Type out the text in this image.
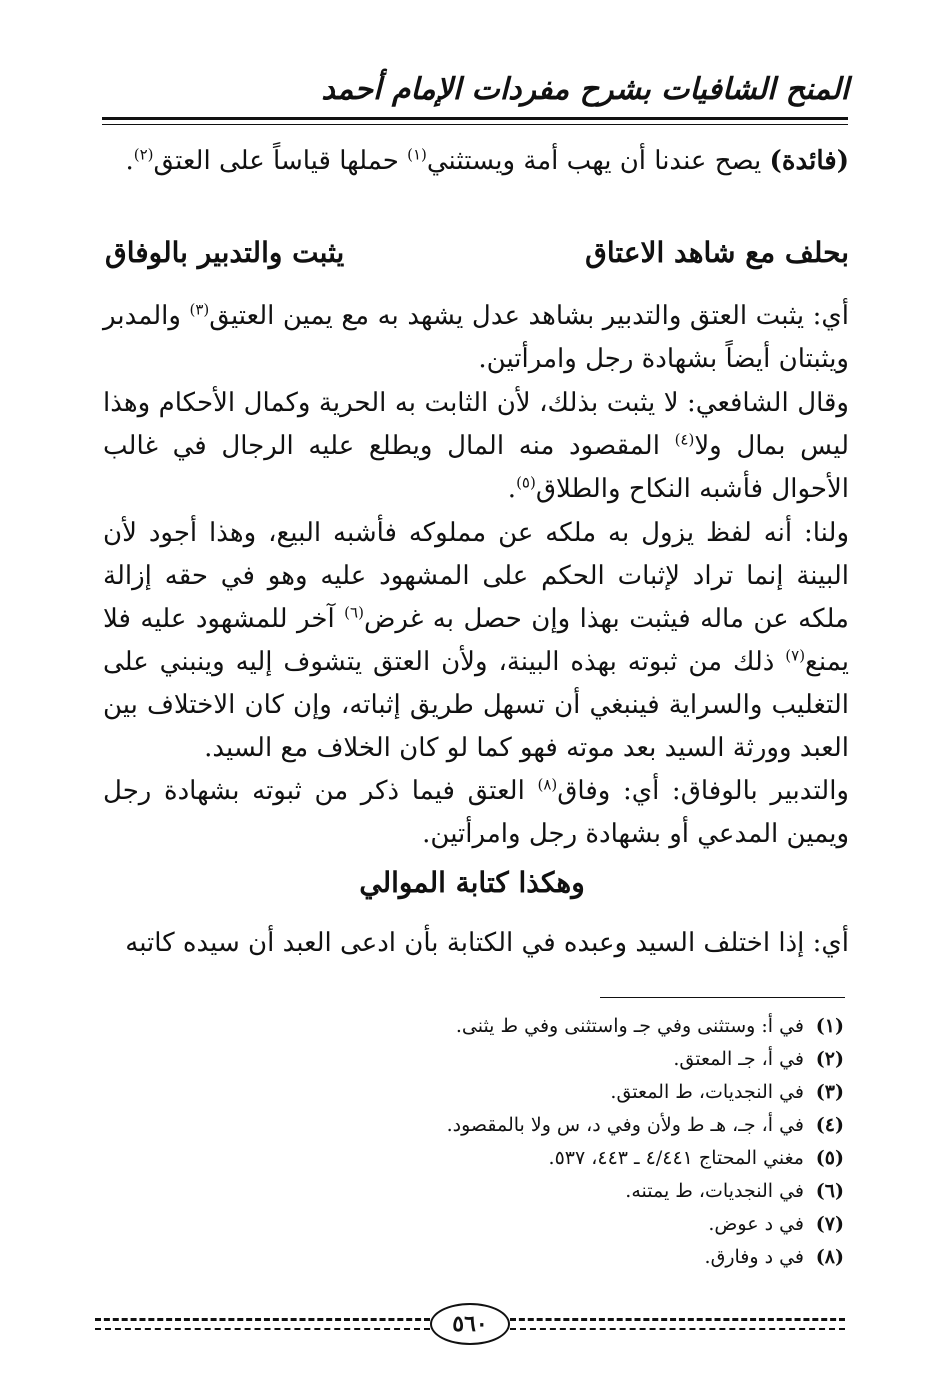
المنح الشافيات بشرح مفردات الإمام أحمد
(فائدة) يصح عندنا أن يهب أمة ويستثني$^{(١)}$ حملها قياساً على العتق$^{(٢)}$.
بحلف مع شاهد الاعتاق
يثبت والتدبير بالوفاق
أي: يثبت العتق والتدبير بشاهد عدل يشهد به مع يمين العتيق$^{(٣)}$ والمدبر ويثبتان أيضاً بشهادة رجل وامرأتين.
وقال الشافعي: لا يثبت بذلك، لأن الثابت به الحرية وكمال الأحكام وهذا ليس بمال ولا$^{(٤)}$ المقصود منه المال ويطلع عليه الرجال في غالب الأحوال فأشبه النكاح والطلاق$^{(٥)}$.
ولنا: أنه لفظ يزول به ملكه عن مملوكه فأشبه البيع، وهذا أجود لأن البينة إنما تراد لإثبات الحكم على المشهود عليه وهو في حقه إزالة ملكه عن ماله فيثبت بهذا وإن حصل به غرض$^{(٦)}$ آخر للمشهود عليه فلا يمنع$^{(٧)}$ ذلك من ثبوته بهذه البينة، ولأن العتق يتشوف إليه وينبني على التغليب والسراية فينبغي أن تسهل طريق إثباته، وإن كان الاختلاف بين العبد وورثة السيد بعد موته فهو كما لو كان الخلاف مع السيد.
والتدبير بالوفاق: أي: وفاق$^{(٨)}$ العتق فيما ذكر من ثبوته بشهادة رجل ويمين المدعي أو بشهادة رجل وامرأتين.
وهكذا كتابة الموالي
أي: إذا اختلف السيد وعبده في الكتابة بأن ادعى العبد أن سيده كاتبه
(١)في أ: وستثنى وفي جـ واستثنى وفي ط يثنى.
(٢)في أ، جـ المعتق.
(٣)في النجديات، ط المعتق.
(٤)في أ، جـ، هـ ط ولأن وفي د، س ولا بالمقصود.
(٥)مغني المحتاج ٤/٤٤١ ـ ٤٤٣، ٥٣٧.
(٦)في النجديات، ط يمتنه.
(٧)في د عوض.
(٨)في د وفارق.
٥٦٠
